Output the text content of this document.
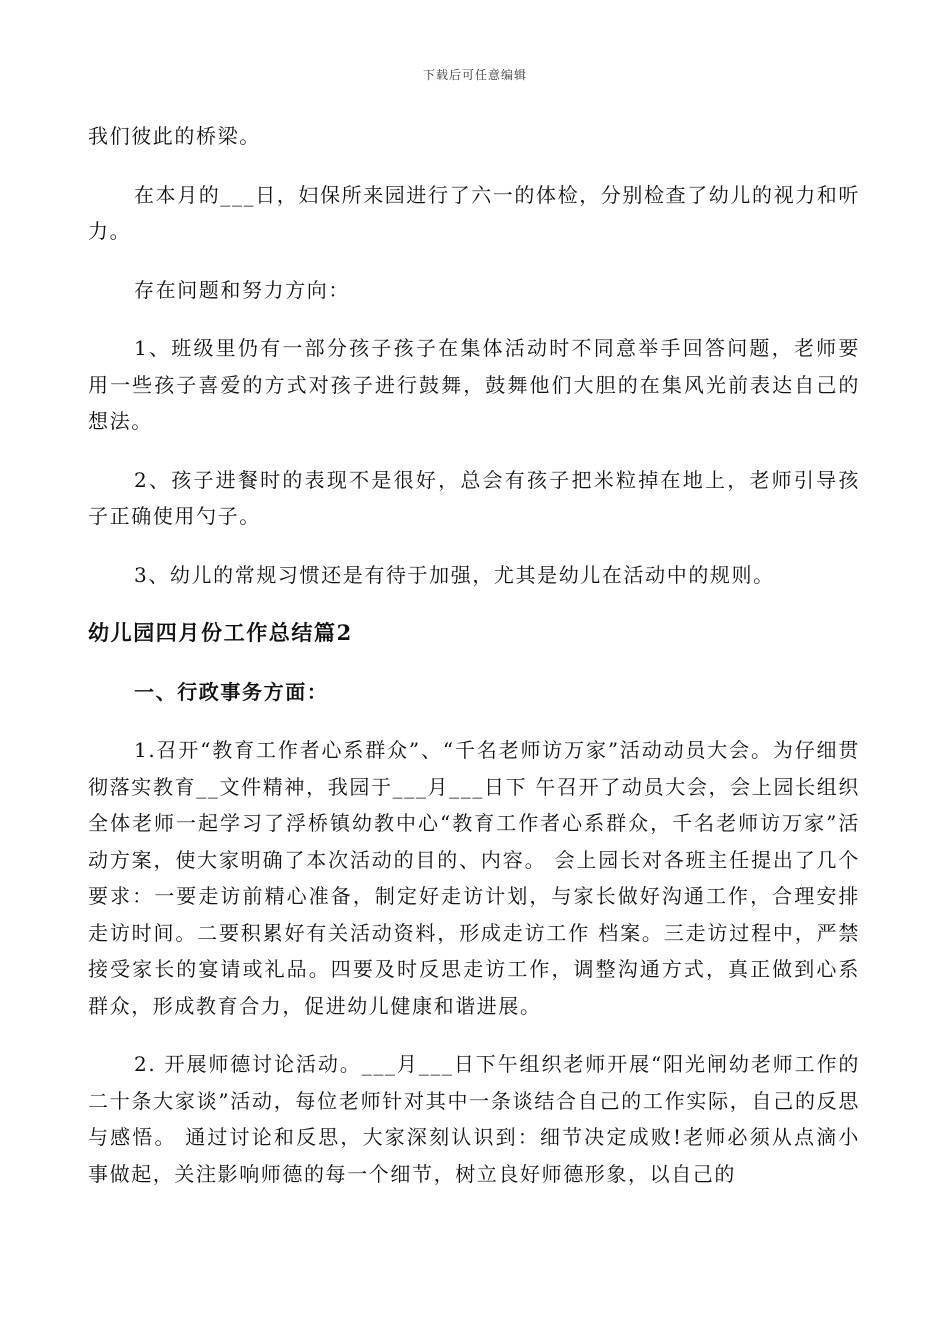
下载后可任意编辑

我们彼此的桥梁。

在本月的___日，妇保所来园进行了六一的体检，分别检查了幼儿的视力和听力。

存在问题和努力方向：

1、班级里仍有一部分孩子孩子在集体活动时不同意举手回答问题，老师要用一些孩子喜爱的方式对孩子进行鼓舞，鼓舞他们大胆的在集风光前表达自己的想法。

2、孩子进餐时的表现不是很好，总会有孩子把米粒掉在地上，老师引导孩子正确使用勺子。

3、幼儿的常规习惯还是有待于加强，尤其是幼儿在活动中的规则。

幼儿园四月份工作总结篇2

一、行政事务方面：

1.召开“教育工作者心系群众”、“千名老师访万家”活动动员大会。为仔细贯彻落实教育__文件精神，我园于___月___日下 午召开了动员大会，会上园长组织全体老师一起学习了浮桥镇幼教中心“教育工作者心系群众，千名老师访万家”活动方案，使大家明确了本次活动的目的、内容。 会上园长对各班主任提出了几个要求：一要走访前精心准备，制定好走访计划，与家长做好沟通工作，合理安排走访时间。二要积累好有关活动资料，形成走访工作 档案。三走访过程中，严禁接受家长的宴请或礼品。四要及时反思走访工作，调整沟通方式，真正做到心系群众，形成教育合力，促进幼儿健康和谐进展。

2. 开展师德讨论活动。___月___日下午组织老师开展“阳光闸幼老师工作的二十条大家谈”活动，每位老师针对其中一条谈结合自己的工作实际，自己的反思与感悟。 通过讨论和反思，大家深刻认识到：细节决定成败!老师必须从点滴小事做起，关注影响师德的每一个细节，树立良好师德形象，以自己的
